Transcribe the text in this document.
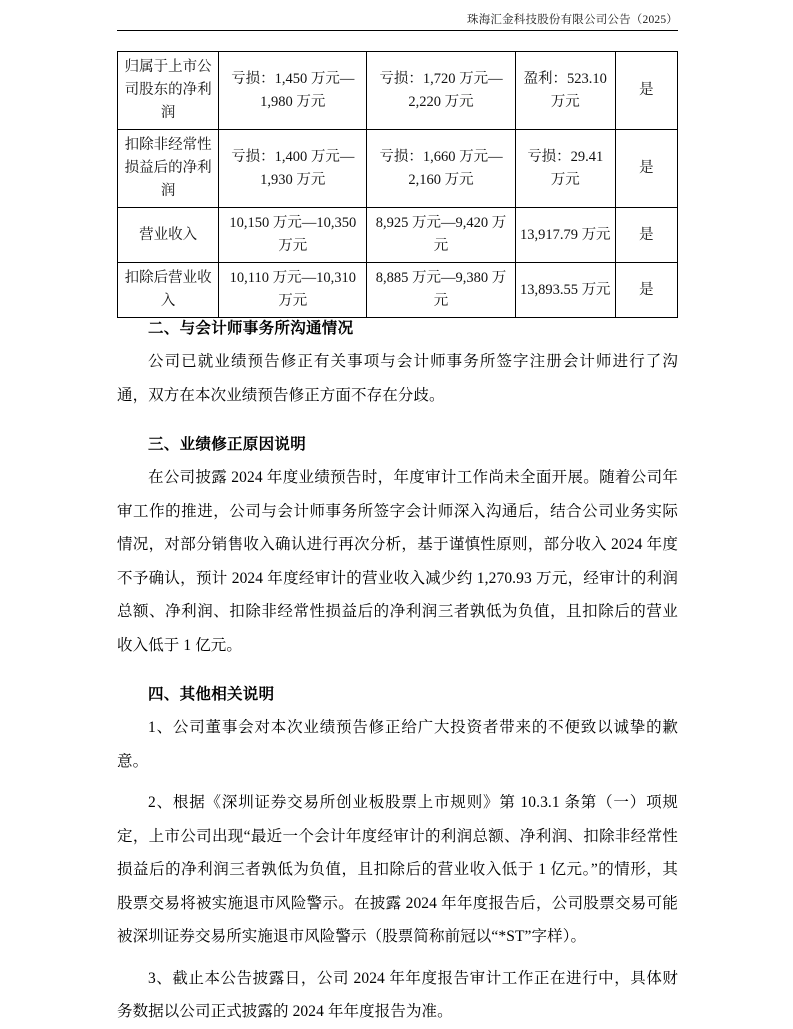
珠海汇金科技股份有限公司公告（2025）
归属于上市公司股东的净利润	亏损：1,450 万元—1,980 万元	亏损：1,720 万元—2,220 万元	盈利：523.10 万元	是

扣除非经常性损益后的净利润	亏损：1,400 万元—1,930 万元	亏损：1,660 万元—2,160 万元	亏损：29.41 万元	是

营业收入	10,150 万元—10,350 万元	8,925 万元—9,420 万元	13,917.79 万元	是

扣除后营业收入	10,110 万元—10,310 万元	8,885 万元—9,380 万元	13,893.55 万元	是
二、与会计师事务所沟通情况
公司已就业绩预告修正有关事项与会计师事务所签字注册会计师进行了沟通，双方在本次业绩预告修正方面不存在分歧。
三、业绩修正原因说明
在公司披露 2024 年度业绩预告时，年度审计工作尚未全面开展。随着公司年审工作的推进，公司与会计师事务所签字会计师深入沟通后，结合公司业务实际情况，对部分销售收入确认进行再次分析，基于谨慎性原则，部分收入 2024 年度不予确认，预计 2024 年度经审计的营业收入减少约 1,270.93 万元，经审计的利润总额、净利润、扣除非经常性损益后的净利润三者孰低为负值，且扣除后的营业收入低于 1 亿元。
四、其他相关说明
1、公司董事会对本次业绩预告修正给广大投资者带来的不便致以诚挚的歉意。
2、根据《深圳证券交易所创业板股票上市规则》第 10.3.1 条第（一）项规定，上市公司出现“最近一个会计年度经审计的利润总额、净利润、扣除非经常性损益后的净利润三者孰低为负值，且扣除后的营业收入低于 1 亿元。”的情形，其股票交易将被实施退市风险警示。在披露 2024 年年度报告后，公司股票交易可能被深圳证券交易所实施退市风险警示（股票简称前冠以“*ST”字样）。
3、截止本公告披露日，公司 2024 年年度报告审计工作正在进行中，具体财务数据以公司正式披露的 2024 年年度报告为准。
